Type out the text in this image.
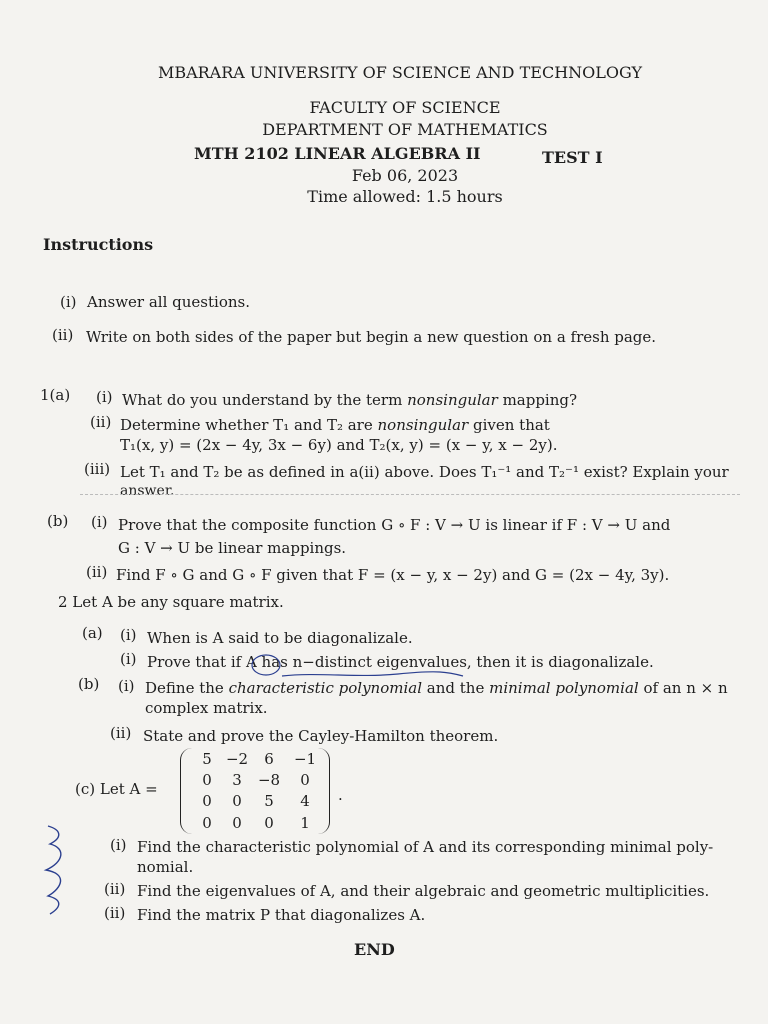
MBARARA UNIVERSITY OF SCIENCE AND TECHNOLOGY
FACULTY OF SCIENCE
DEPARTMENT OF MATHEMATICS
MTH 2102 LINEAR ALGEBRA II	TEST I
Feb 06, 2023
Time allowed: 1.5 hours
Instructions
(i) Answer all questions.
(ii) Write on both sides of the paper but begin a new question on a fresh page.
1(a) (i) What do you understand by the term nonsingular mapping?
(ii) Determine whether T₁ and T₂ are nonsingular given that
T₁(x, y) = (2x − 4y, 3x − 6y) and T₂(x, y) = (x − y, x − 2y).
(iii) Let T₁ and T₂ be as defined in a(ii) above. Does T₁⁻¹ and T₂⁻¹ exist? Explain your
answer.
(b) (i) Prove that the composite function G ∘ F : V → U is linear if F : V → U and
G : V → U be linear mappings.
(ii) Find F ∘ G and G ∘ F given that F = (x − y, x − 2y) and G = (2x − 4y, 3y).
2 Let A be any square matrix.
(a) (i) When is A said to be diagonalizale.
(i) Prove that if A has n−distinct eigenvalues, then it is diagonalizale.
(b) (i) Define the characteristic polynomial and the minimal polynomial of an n × n
complex matrix.
(ii) State and prove the Cayley-Hamilton theorem.
(c) Let A =
5 −2	6	−1
0	3	−8	0
0	0	5	4
0	0	0	1
.
(i) Find the characteristic polynomial of A and its corresponding minimal poly-
nomial.
(ii) Find the eigenvalues of A, and their algebraic and geometric multiplicities.
(ii) Find the matrix P that diagonalizes A.
END
